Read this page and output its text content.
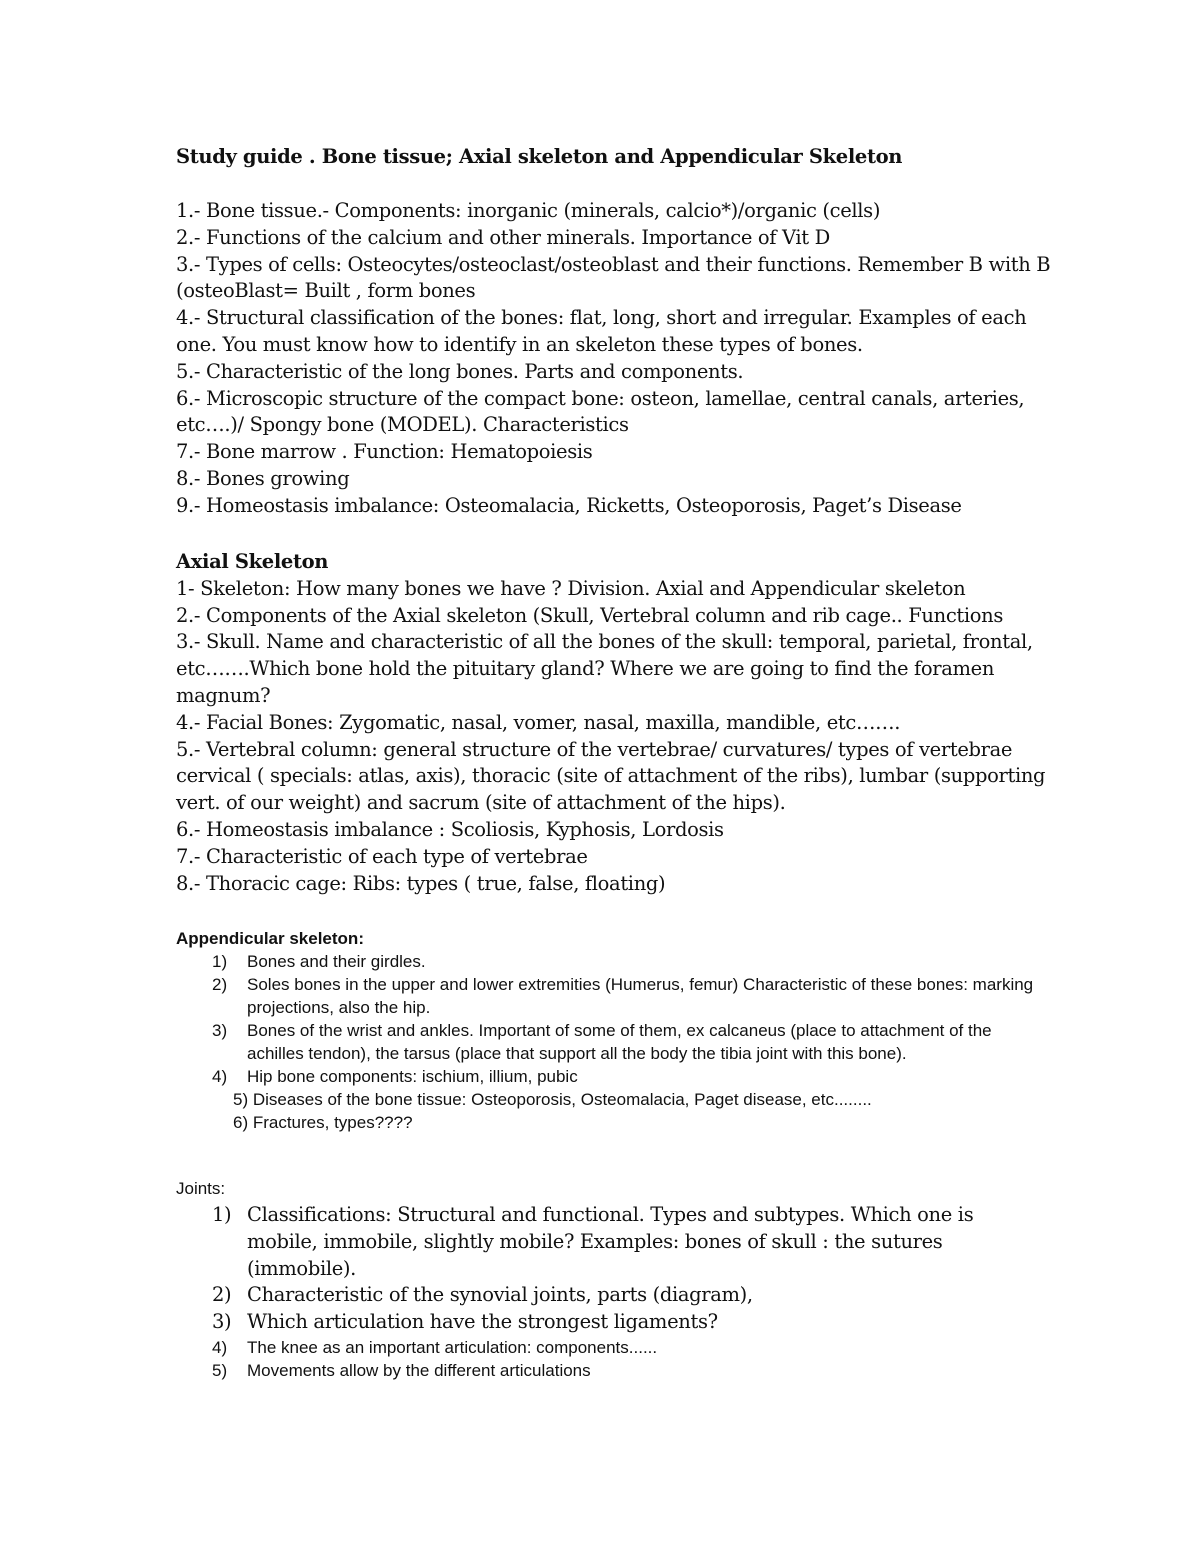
Study guide . Bone tissue; Axial skeleton and Appendicular Skeleton

1.- Bone tissue.- Components: inorganic (minerals, calcio*)/organic (cells)

2.- Functions of the calcium and other minerals. Importance of Vit D

3.- Types of cells: Osteocytes/osteoclast/osteoblast and their functions. Remember B with B (osteoBlast= Built , form bones

4.- Structural classification of the bones: flat, long, short and irregular. Examples of each one. You must know how to identify in an skeleton these types of bones.

5.- Characteristic of the long bones. Parts and components.

6.- Microscopic structure of the compact bone: osteon, lamellae, central canals, arteries, etc….)/ Spongy bone (MODEL). Characteristics

7.- Bone marrow . Function: Hematopoiesis

8.- Bones growing

9.- Homeostasis imbalance: Osteomalacia, Ricketts, Osteoporosis, Paget’s Disease

Axial Skeleton

1- Skeleton: How many bones we have ? Division. Axial and Appendicular skeleton

2.- Components of the Axial skeleton (Skull, Vertebral column and rib cage.. Functions

3.- Skull. Name and characteristic of all the bones of the skull: temporal, parietal, frontal, etc…….Which bone hold the pituitary gland? Where we are going to find the foramen magnum?

4.- Facial Bones: Zygomatic, nasal, vomer, nasal, maxilla, mandible, etc…….

5.- Vertebral column: general structure of the vertebrae/ curvatures/ types of vertebrae cervical ( specials: atlas, axis), thoracic (site of attachment of the ribs), lumbar (supporting vert. of our weight) and sacrum (site of attachment of the hips).

6.- Homeostasis imbalance : Scoliosis, Kyphosis, Lordosis

7.- Characteristic of each type of vertebrae

8.- Thoracic cage: Ribs: types ( true, false, floating)

Appendicular skeleton:

1) Bones and their girdles.
2) Soles bones in the upper and lower extremities (Humerus, femur) Characteristic of these bones: marking projections, also the hip.
3) Bones of the wrist and ankles. Important of some of them, ex calcaneus (place to attachment of the achilles tendon), the tarsus (place that support all the body the tibia joint with this bone).
4) Hip bone components: ischium, illium, pubic
5) Diseases of the bone tissue: Osteoporosis, Osteomalacia, Paget disease, etc........
6) Fractures, types????

Joints:

1) Classifications: Structural and functional. Types and subtypes. Which one is mobile, immobile, slightly mobile? Examples: bones of skull : the sutures (immobile).
2) Characteristic of the synovial joints, parts (diagram),
3) Which articulation have the strongest ligaments?
4) The knee as an important articulation: components......
5) Movements allow by the different articulations
